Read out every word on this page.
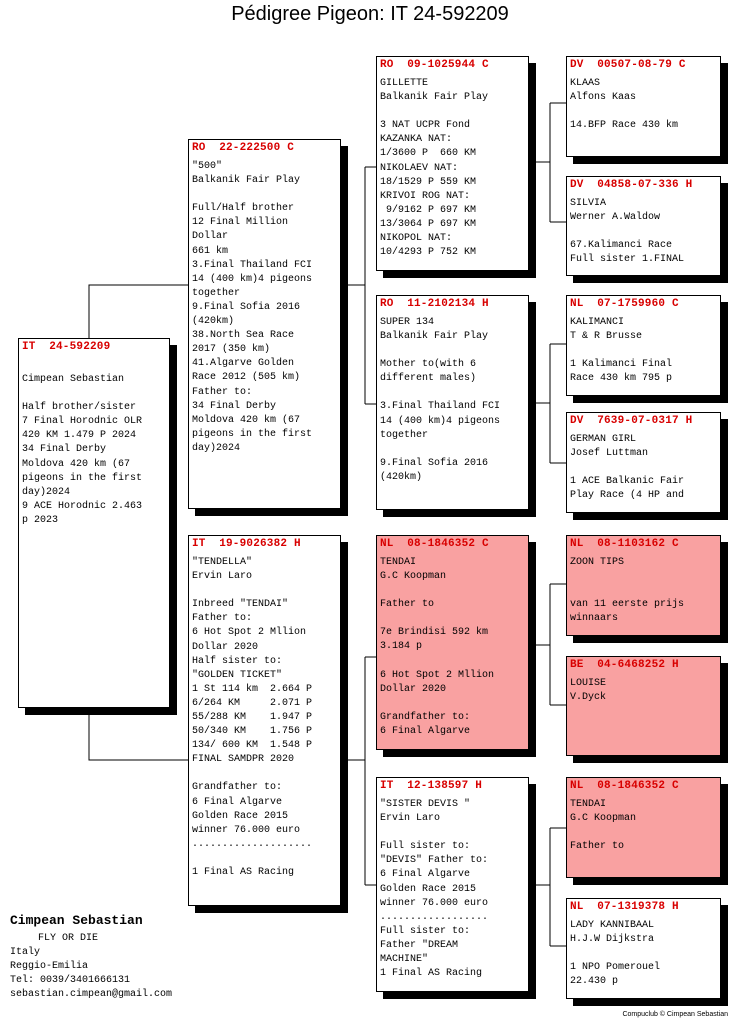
Pédigree Pigeon: IT 24-592209
IT  24-592209

Cimpean Sebastian

Half brother/sister
7 Final Horodnic OLR
420 KM 1.479 P 2024
34 Final Derby
Moldova 420 km (67
pigeons in the first
day)2024
9 ACE Horodnic 2.463
p 2023
RO  22-222500 C
"500"
Balkanik Fair Play

Full/Half brother
12 Final Million
Dollar
661 km
3.Final Thailand FCI
14 (400 km)4 pigeons
together
9.Final Sofia 2016
(420km)
38.North Sea Race
2017 (350 km)
41.Algarve Golden
Race 2012 (505 km)
Father to:
34 Final Derby
Moldova 420 km (67
pigeons in the first
day)2024
IT  19-9026382 H
"TENDELLA"
Ervin Laro

Inbreed "TENDAI"
Father to:
6 Hot Spot 2 Mllion
Dollar 2020
Half sister to:
"GOLDEN TICKET"
1 St 114 km  2.664 P
6/264 KM     2.071 P
55/288 KM    1.947 P
50/340 KM    1.756 P
134/ 600 KM  1.548 P
FINAL SAMDPR 2020

Grandfather to:
6 Final Algarve
Golden Race 2015
winner 76.000 euro
....................

1 Final AS Racing
RO  09-1025944 C
GILLETTE
Balkanik Fair Play

3 NAT UCPR Fond
KAZANKA NAT:
1/3600 P  660 KM
NIKOLAEV NAT:
18/1529 P 559 KM
KRIVOI ROG NAT:
9/9162 P 697 KM
13/3064 P 697 KM
NIKOPOL NAT:
10/4293 P 752 KM
RO  11-2102134 H
SUPER 134
Balkanik Fair Play

Mother to(with 6
different males)

3.Final Thailand FCI
14 (400 km)4 pigeons
together

9.Final Sofia 2016
(420km)
NL  08-1846352 C
TENDAI
G.C Koopman

Father to

7e Brindisi 592 km
3.184 p

6 Hot Spot 2 Mllion
Dollar 2020

Grandfather to:
6 Final Algarve
IT  12-138597 H
"SISTER DEVIS "
Ervin Laro

Full sister to:
"DEVIS" Father to:
6 Final Algarve
Golden Race 2015
winner 76.000 euro
..................
Full sister to:
Father "DREAM
MACHINE"
1 Final AS Racing
DV  00507-08-79 C
KLAAS
Alfons Kaas

14.BFP Race 430 km
DV  04858-07-336 H
SILVIA
Werner A.Waldow

67.Kalimanci Race
Full sister 1.FINAL
NL  07-1759960 C
KALIMANCI
T & R Brusse

1 Kalimanci Final
Race 430 km 795 p
DV  7639-07-0317 H
GERMAN GIRL
Josef Luttman

1 ACE Balkanic Fair
Play Race (4 HP and
NL  08-1103162 C
ZOON TIPS

van 11 eerste prijs
winnaars
BE  04-6468252 H
LOUISE
V.Dyck
NL  08-1846352 C
TENDAI
G.C Koopman

Father to
NL  07-1319378 H
LADY KANNIBAAL
H.J.W Dijkstra

1 NPO Pomerouel
22.430 p
Cimpean Sebastian
FLY OR DIE
Italy
Reggio-Emilia
Tel: 0039/3401666131
sebastian.cimpean@gmail.com
Compuclub © Cimpean Sebastian
